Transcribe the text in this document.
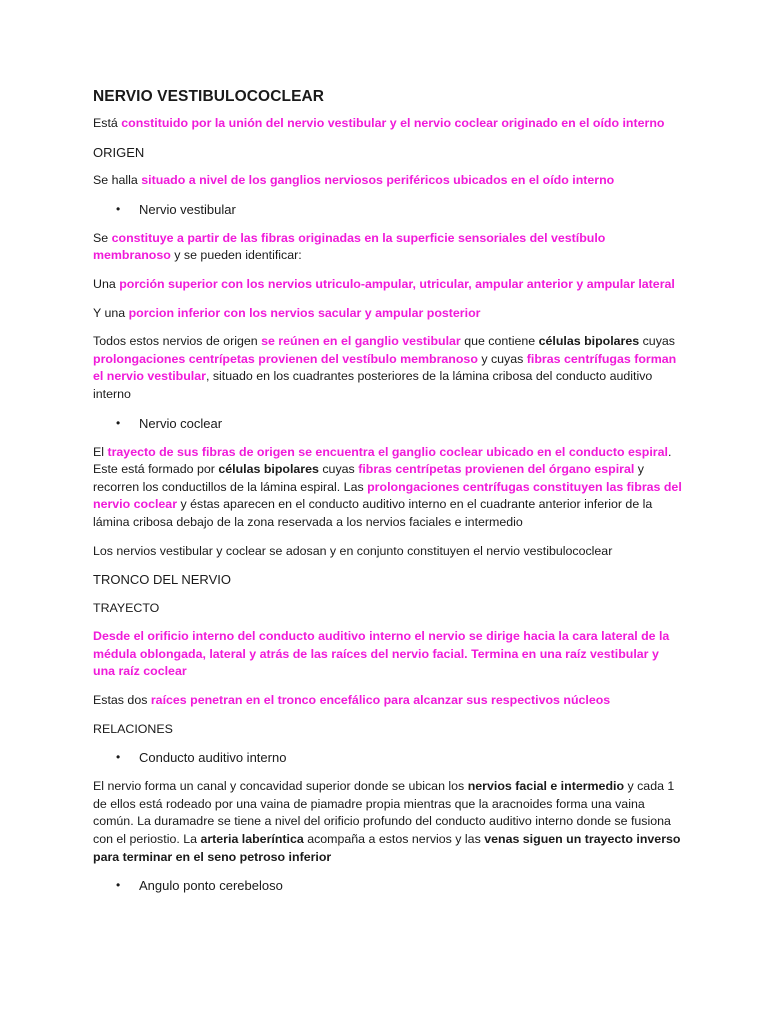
NERVIO VESTIBULOCOCLEAR

Está constituido por la unión del nervio vestibular y el nervio coclear originado en el oído interno

ORIGEN

Se halla situado a nivel de los ganglios nerviosos periféricos ubicados en el oído interno

• Nervio vestibular

Se constituye a partir de las fibras originadas en la superficie sensoriales del vestíbulo membranoso y se pueden identificar:

Una porción superior con los nervios utriculo-ampular, utricular, ampular anterior y ampular lateral

Y una porcion inferior con los nervios sacular y ampular posterior

Todos estos nervios de origen se reúnen en el ganglio vestibular que contiene células bipolares cuyas prolongaciones centrípetas provienen del vestíbulo membranoso y cuyas fibras centrífugas forman el nervio vestibular, situado en los cuadrantes posteriores de la lámina cribosa del conducto auditivo interno

• Nervio coclear

El trayecto de sus fibras de origen se encuentra el ganglio coclear ubicado en el conducto espiral. Este está formado por células bipolares cuyas fibras centrípetas provienen del órgano espiral y recorren los conductillos de la lámina espiral. Las prolongaciones centrífugas constituyen las fibras del nervio coclear y éstas aparecen en el conducto auditivo interno en el cuadrante anterior inferior de la lámina cribosa debajo de la zona reservada a los nervios faciales e intermedio

Los nervios vestibular y coclear se adosan y en conjunto constituyen el nervio vestibulococlear

TRONCO DEL NERVIO

TRAYECTO

Desde el orificio interno del conducto auditivo interno el nervio se dirige hacia la cara lateral de la médula oblongada, lateral y atrás de las raíces del nervio facial. Termina en una raíz vestibular y una raíz coclear

Estas dos raíces penetran en el tronco encefálico para alcanzar sus respectivos núcleos

RELACIONES

• Conducto auditivo interno

El nervio forma un canal y concavidad superior donde se ubican los nervios facial e intermedio y cada 1 de ellos está rodeado por una vaina de piamadre propia mientras que la aracnoides forma una vaina común. La duramadre se tiene a nivel del orificio profundo del conducto auditivo interno donde se fusiona con el periostio. La arteria laberíntica acompaña a estos nervios y las venas siguen un trayecto inverso para terminar en el seno petroso inferior

• Angulo ponto cerebeloso
